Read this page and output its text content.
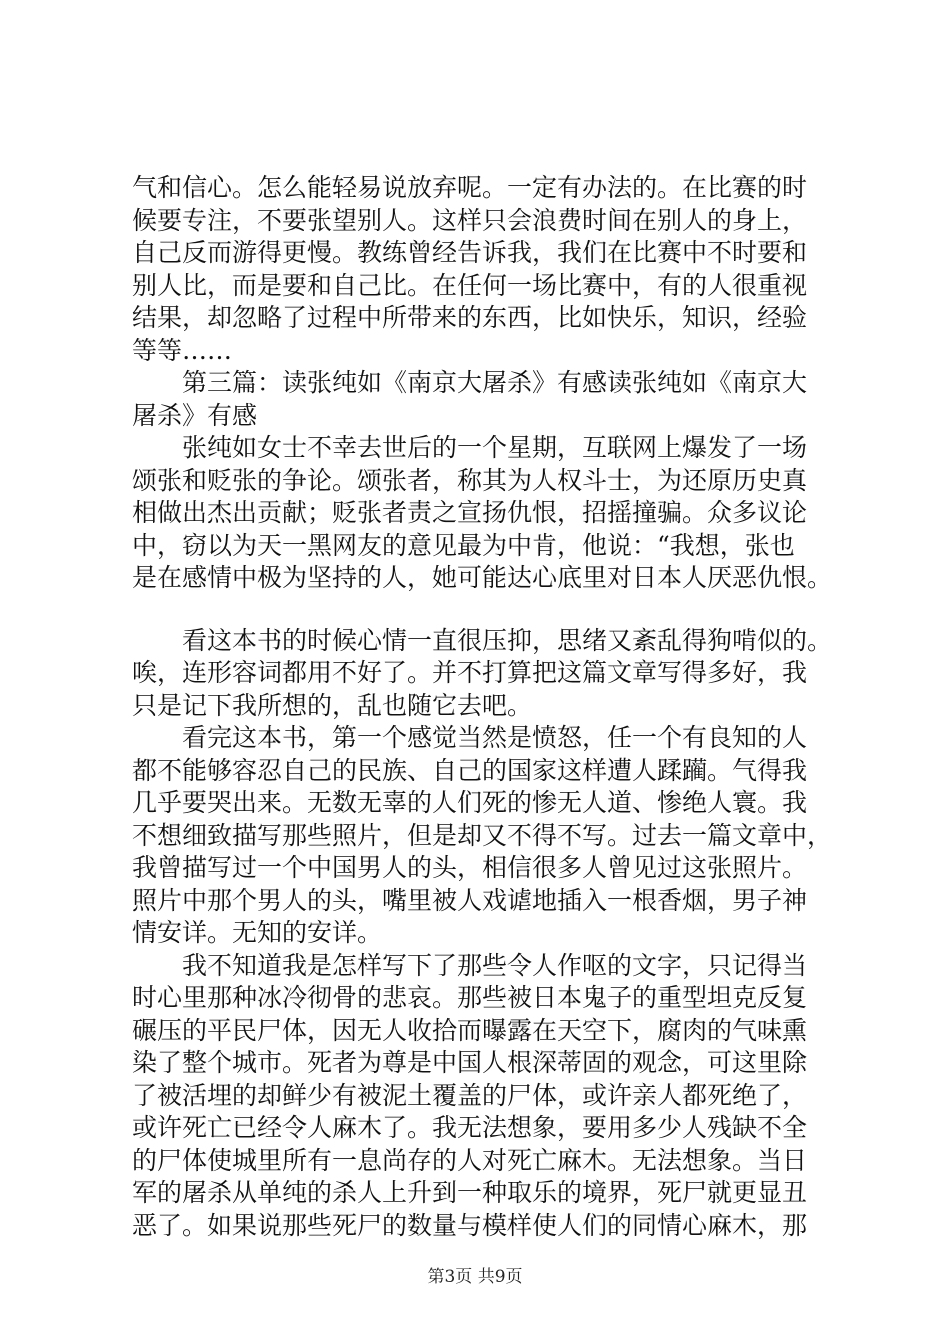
气和信心。怎么能轻易说放弃呢。一定有办法的。在比赛的时
候要专注，不要张望别人。这样只会浪费时间在别人的身上，
自己反而游得更慢。教练曾经告诉我，我们在比赛中不时要和
别人比，而是要和自己比。在任何一场比赛中，有的人很重视
结果，却忽略了过程中所带来的东西，比如快乐，知识，经验
等等……
　　第三篇：读张纯如《南京大屠杀》有感读张纯如《南京大
屠杀》有感
　　张纯如女士不幸去世后的一个星期，互联网上爆发了一场
颂张和贬张的争论。颂张者，称其为人权斗士，为还原历史真
相做出杰出贡献；贬张者责之宣扬仇恨，招摇撞骗。众多议论
中，窃以为天一黑网友的意见最为中肯，他说：“我想，张也
是在感情中极为坚持的人，她可能达心底里对日本人厌恶仇恨。
　　看这本书的时候心情一直很压抑，思绪又紊乱得狗啃似的。
唉，连形容词都用不好了。并不打算把这篇文章写得多好，我
只是记下我所想的，乱也随它去吧。
　　看完这本书，第一个感觉当然是愤怒，任一个有良知的人
都不能够容忍自己的民族、自己的国家这样遭人蹂躏。气得我
几乎要哭出来。无数无辜的人们死的惨无人道、惨绝人寰。我
不想细致描写那些照片，但是却又不得不写。过去一篇文章中，
我曾描写过一个中国男人的头，相信很多人曾见过这张照片。
照片中那个男人的头，嘴里被人戏谑地插入一根香烟，男子神
情安详。无知的安详。
　　我不知道我是怎样写下了那些令人作呕的文字，只记得当
时心里那种冰冷彻骨的悲哀。那些被日本鬼子的重型坦克反复
碾压的平民尸体，因无人收拾而曝露在天空下，腐肉的气味熏
染了整个城市。死者为尊是中国人根深蒂固的观念，可这里除
了被活埋的却鲜少有被泥土覆盖的尸体，或许亲人都死绝了，
或许死亡已经令人麻木了。我无法想象，要用多少人残缺不全
的尸体使城里所有一息尚存的人对死亡麻木。无法想象。当日
军的屠杀从单纯的杀人上升到一种取乐的境界，死尸就更显丑
恶了。如果说那些死尸的数量与模样使人们的同情心麻木，那
第3页 共9页
